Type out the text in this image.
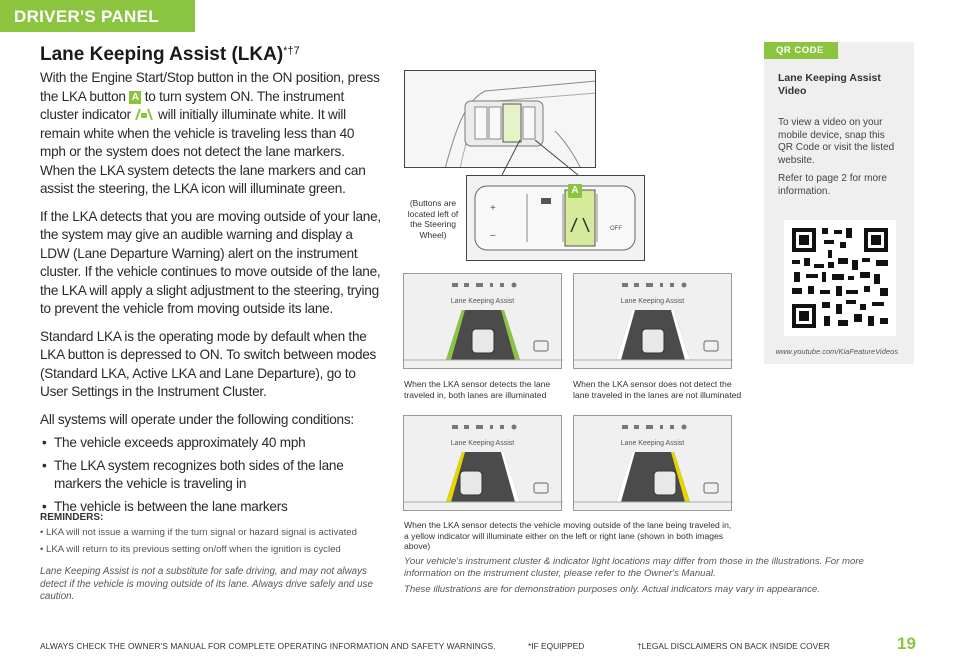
DRIVER'S PANEL
Lane Keeping Assist (LKA)$^{*\dagger 7}$

With the Engine Start/Stop button in the ON position, press the LKA button A to turn system ON. The instrument cluster indicator  will initially illuminate white. It will remain white when the vehicle is traveling less than 40 mph or the system does not detect the lane markers. When the LKA system detects the lane markers and can assist the steering, the LKA icon will illuminate green.

If the LKA detects that you are moving outside of your lane, the system may give an audible warning and display a LDW (Lane Departure Warning) alert on the instrument cluster. If the vehicle continues to move outside of the lane, the LKA will apply a slight adjustment to the steering, trying to prevent the vehicle from moving outside its lane.

Standard LKA is the operating mode by default when the LKA button is depressed to ON. To switch between modes (Standard LKA, Active LKA and Lane Departure), go to User Settings in the Instrument Cluster.

All systems will operate under the following conditions:

• The vehicle exceeds approximately 40 mph
• The LKA system recognizes both sides of the lane markers the vehicle is traveling in
• The vehicle is between the lane markers
REMINDERS:
• LKA will not issue a warning if the turn signal or hazard signal is activated
• LKA will return to its previous setting on/off when the ignition is cycled
Lane Keeping Assist is not a substitute for safe driving, and may not always detect if the vehicle is moving outside of its lane. Always drive safely and use caution.
+
–
OFF
A
(Buttons are located left of the Steering Wheel)
Lane Keeping Assist	Lane Keeping Assist
When the LKA sensor detects the lane traveled in, both lanes are illuminated
When the LKA sensor does not detect the lane traveled in the lanes are not illuminated
Lane Keeping Assist	Lane Keeping Assist
When the LKA sensor detects the vehicle moving outside of the lane being traveled in, a yellow indicator will illuminate either on the left or right lane (shown in both images above)

Your vehicle's instrument cluster & indicator light locations may differ from those in the illustrations. For more information on the instrument cluster, please refer to the Owner's Manual.

These illustrations are for demonstration purposes only. Actual indicators may vary in appearance.

QR CODE
Lane Keeping Assist Video

To view a video on your mobile device, snap this QR Code or visit the listed website.

Refer to page 2 for more information.

www.youtube.com/KiaFeatureVideos
ALWAYS CHECK THE OWNER'S MANUAL FOR COMPLETE OPERATING INFORMATION AND SAFETY WARNINGS.	*IF EQUIPPED	†LEGAL DISCLAIMERS ON BACK INSIDE COVER	19
